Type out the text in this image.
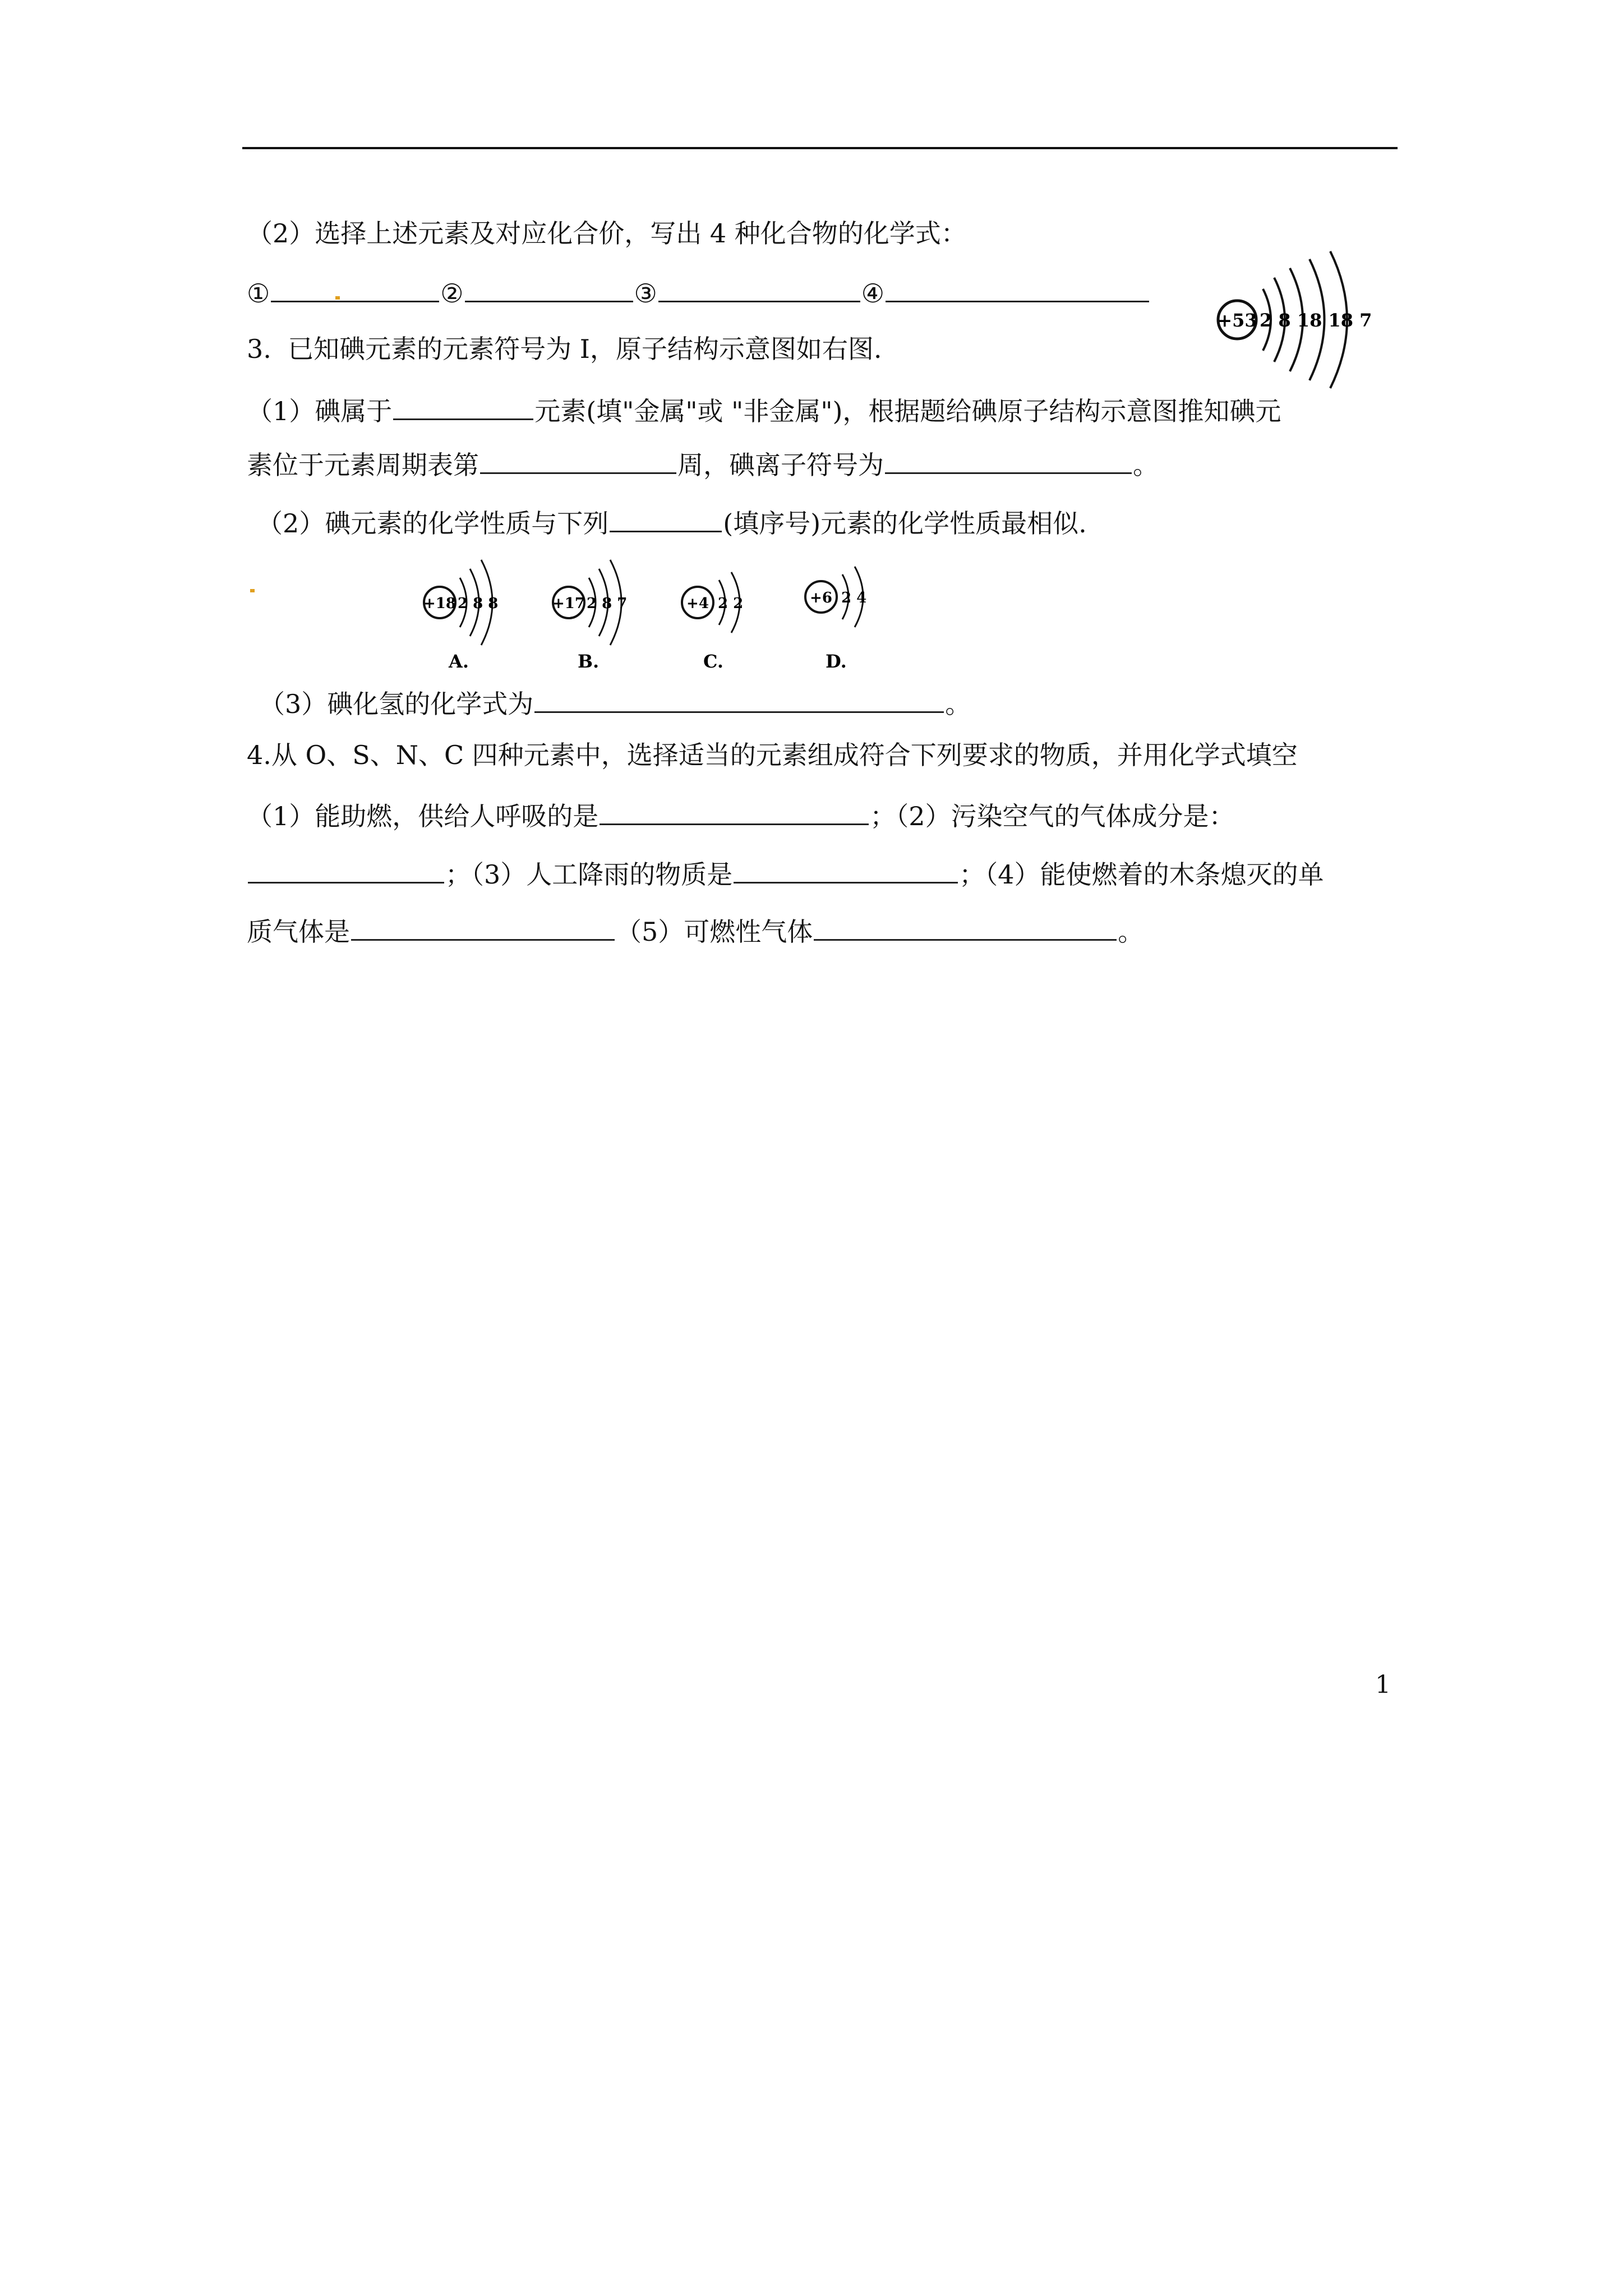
（2）选择上述元素及对应化合价，写出 4 种化合物的化学式：
①	②	③	④
+53 2 8 18 18 7
3.  已知碘元素的元素符号为 I，原子结构示意图如右图.
（1）碘属于	元素(填"金属"或 "非金属")，根据题给碘原子结构示意图推知碘元
素位于元素周期表第	周，碘离子符号为	。
（2）碘元素的化学性质与下列	(填序号)元素的化学性质最相似.
+18 2 8 8
A.
+17 2 8 7
B.
+4 2 2
C.
+6 2 4
D.
（3）碘化氢的化学式为	。
4.从 O、S、N、C 四种元素中，选择适当的元素组成符合下列要求的物质，并用化学式填空
（1）能助燃，供给人呼吸的是	；（2）污染空气的气体成分是：
；（3）人工降雨的物质是	；（4）能使燃着的木条熄灭的单
质气体是	（5）可燃性气体	。
1
